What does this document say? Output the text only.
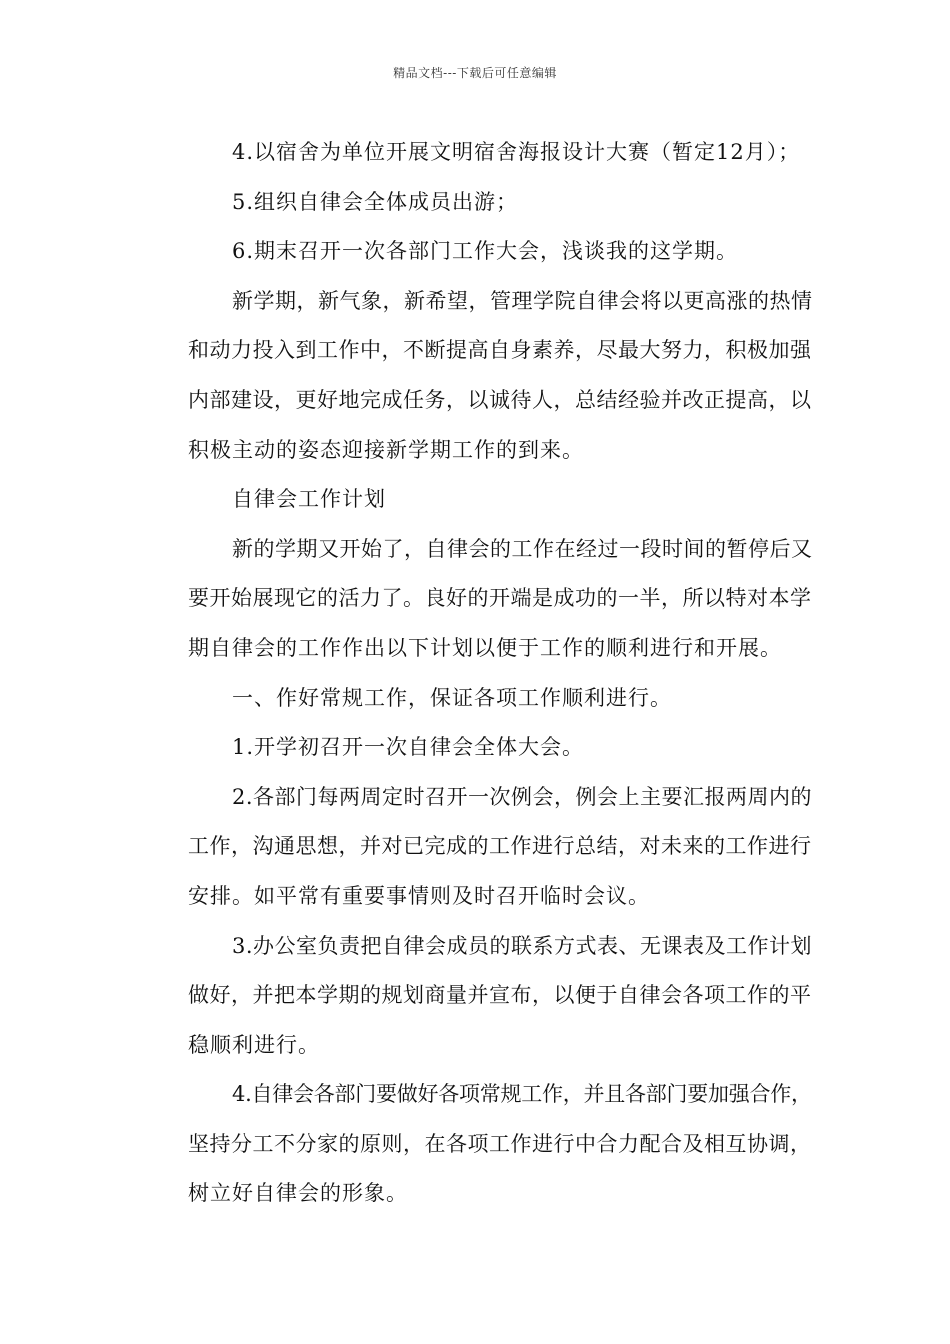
精品文档---下载后可任意编辑
4.以宿舍为单位开展文明宿舍海报设计大赛（暂定12月）；
5.组织自律会全体成员出游；
6.期末召开一次各部门工作大会，浅谈我的这学期。
新学期，新气象，新希望，管理学院自律会将以更高涨的热情
和动力投入到工作中，不断提高自身素养，尽最大努力，积极加强
内部建设，更好地完成任务，以诚待人，总结经验并改正提高，以
积极主动的姿态迎接新学期工作的到来。
自律会工作计划
新的学期又开始了，自律会的工作在经过一段时间的暂停后又
要开始展现它的活力了。良好的开端是成功的一半，所以特对本学
期自律会的工作作出以下计划以便于工作的顺利进行和开展。
一、作好常规工作，保证各项工作顺利进行。
1.开学初召开一次自律会全体大会。
2.各部门每两周定时召开一次例会，例会上主要汇报两周内的
工作，沟通思想，并对已完成的工作进行总结，对未来的工作进行
安排。如平常有重要事情则及时召开临时会议。
3.办公室负责把自律会成员的联系方式表、无课表及工作计划
做好，并把本学期的规划商量并宣布，以便于自律会各项工作的平
稳顺利进行。
4.自律会各部门要做好各项常规工作，并且各部门要加强合作，
坚持分工不分家的原则，在各项工作进行中合力配合及相互协调，
树立好自律会的形象。
